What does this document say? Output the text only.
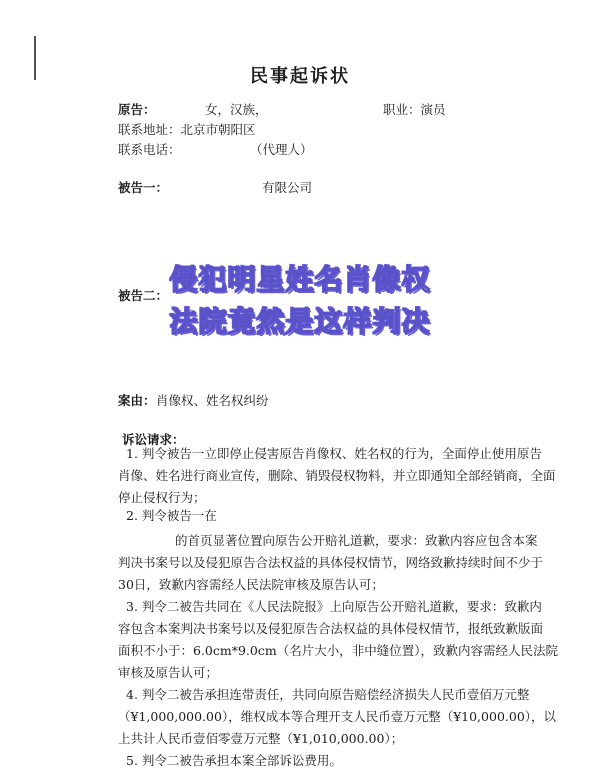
民事起诉状
原告：	女，汉族，	职业：演员
联系地址：北京市朝阳区
联系电话：	（代理人）
被告一：	有限公司
被告二： 侵犯明星姓名肖像权
法院竟然是这样判决
案由： 肖像权、姓名权纠纷
诉讼请求：
1. 判令被告一立即停止侵害原告肖像权、姓名权的行为，全面停止使用原告
肖像、姓名进行商业宣传，删除、销毁侵权物料，并立即通知全部经销商，全面
停止侵权行为；
2. 判令被告一在
的首页显著位置向原告公开赔礼道歉，要求：致歉内容应包含本案
判决书案号以及侵犯原告合法权益的具体侵权情节，网络致歉持续时间不少于
30日，致歉内容需经人民法院审核及原告认可；
3. 判令二被告共同在《人民法院报》上向原告公开赔礼道歉，要求：致歉内
容包含本案判决书案号以及侵犯原告合法权益的具体侵权情节，报纸致歉版面
面积不小于：6.0cm*9.0cm（名片大小，非中缝位置），致歉内容需经人民法院
审核及原告认可；
4. 判令二被告承担连带责任，共同向原告赔偿经济损失人民币壹佰万元整
（¥1,000,000.00），维权成本等合理开支人民币壹万元整（¥10,000.00），以
上共计人民币壹佰零壹万元整（¥1,010,000.00）；
5. 判令二被告承担本案全部诉讼费用。
